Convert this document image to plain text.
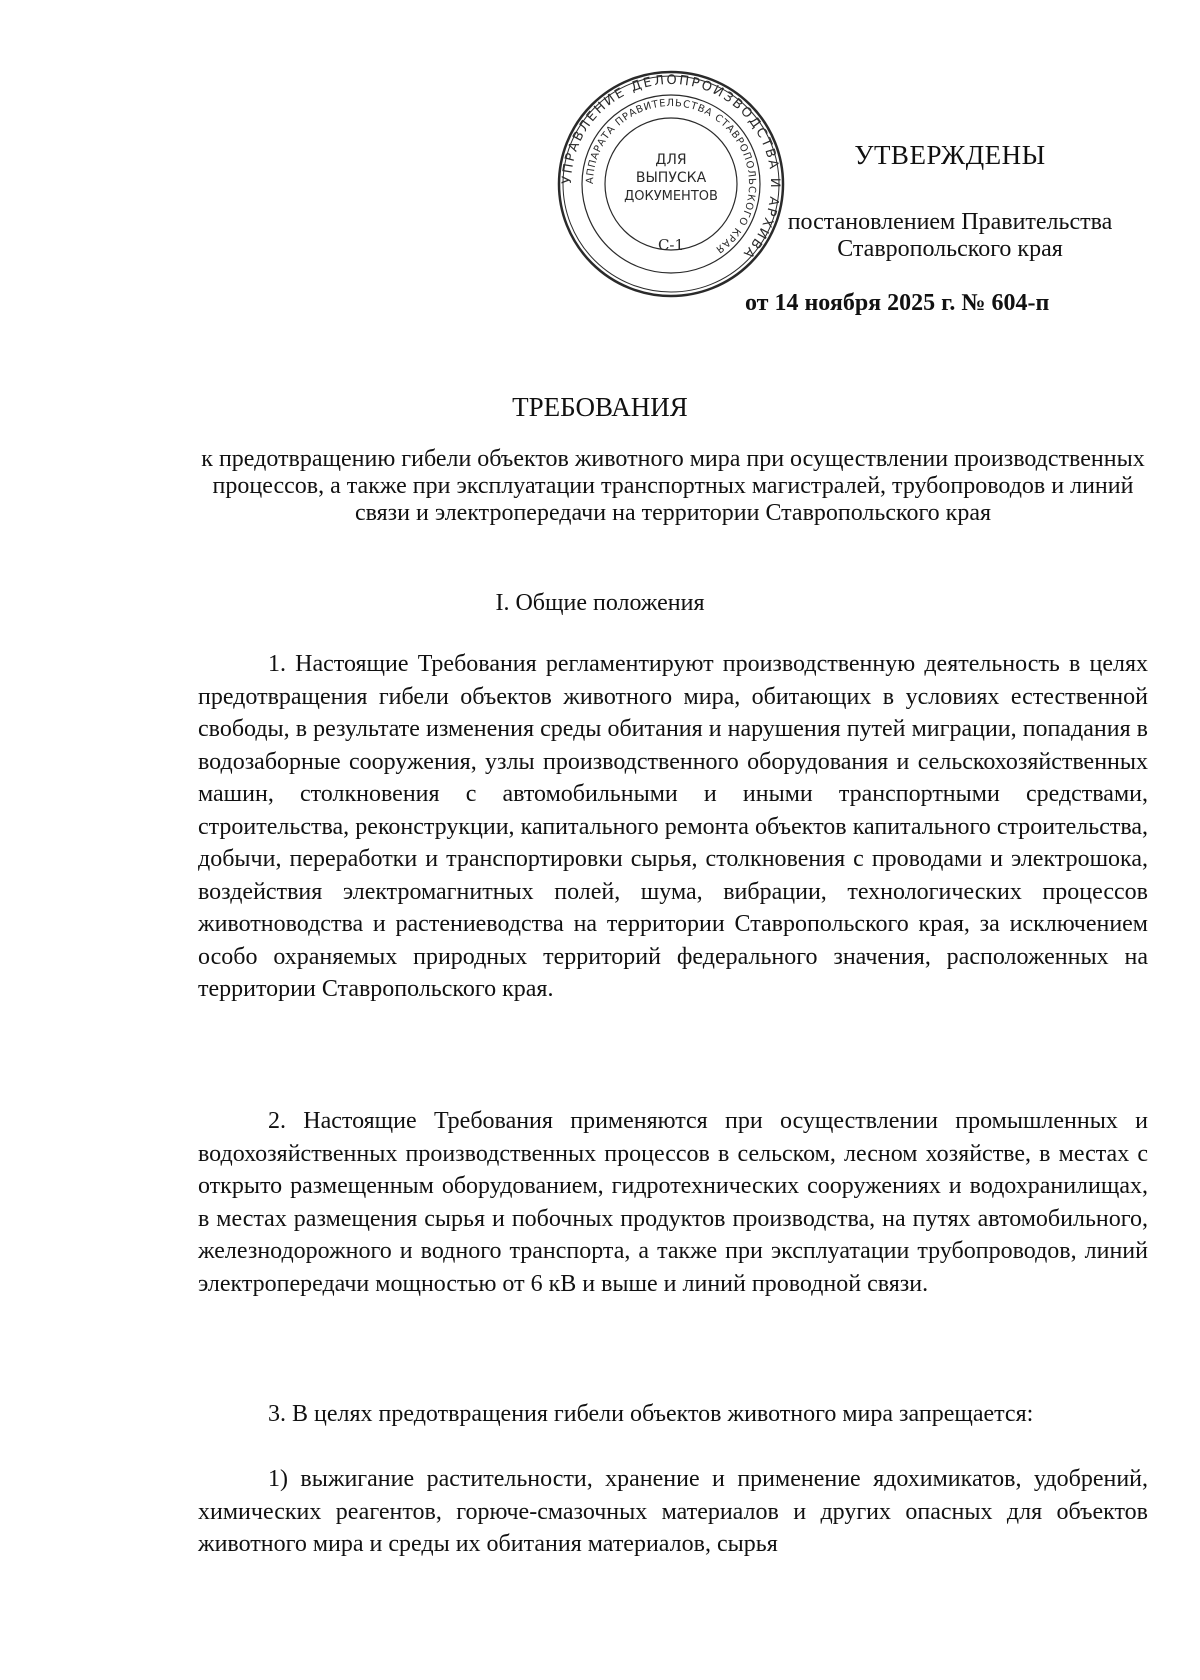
УПРАВЛЕНИЕ ДЕЛОПРОИЗВОДСТВА И АРХИВА
АППАРАТА ПРАВИТЕЛЬСТВА СТАВРОПОЛЬСКОГО КРАЯ
ДЛЯ
ВЫПУСКА
ДОКУМЕНТОВ
С-1
УТВЕРЖДЕНЫ
постановлением Правительства
Ставропольского края
от 14 ноября 2025 г. № 604-п
ТРЕБОВАНИЯ
к предотвращению гибели объектов животного мира при осуществлении производственных процессов, а также при эксплуатации транспортных магистралей, трубопроводов и линий связи и электропередачи на территории Ставропольского края
I. Общие положения

1. Настоящие Требования регламентируют производственную деятельность в целях предотвращения гибели объектов животного мира, обитающих в условиях естественной свободы, в результате изменения среды обитания и нарушения путей миграции, попадания в водозаборные сооружения, узлы производственного оборудования и сельскохозяйственных машин, столкновения с автомобильными и иными транспортными средствами, строительства, реконструкции, капитального ремонта объектов капитального строительства, добычи, переработки и транспортировки сырья, столкновения с проводами и электрошока, воздействия электромагнитных полей, шума, вибрации, технологических процессов животноводства и растениеводства на территории Ставропольского края, за исключением особо охраняемых природных территорий федерального значения, расположенных на территории Ставропольского края.

2. Настоящие Требования применяются при осуществлении промышленных и водохозяйственных производственных процессов в сельском, лесном хозяйстве, в местах с открыто размещенным оборудованием, гидротехнических сооружениях и водохранилищах, в местах размещения сырья и побочных продуктов производства, на путях автомобильного, железнодорожного и водного транспорта, а также при эксплуатации трубопроводов, линий электропередачи мощностью от 6 кВ и выше и линий проводной связи.

3. В целях предотвращения гибели объектов животного мира запрещается:

1) выжигание растительности, хранение и применение ядохимикатов, удобрений, химических реагентов, горюче-смазочных материалов и других опасных для объектов животного мира и среды их обитания материалов, сырья
